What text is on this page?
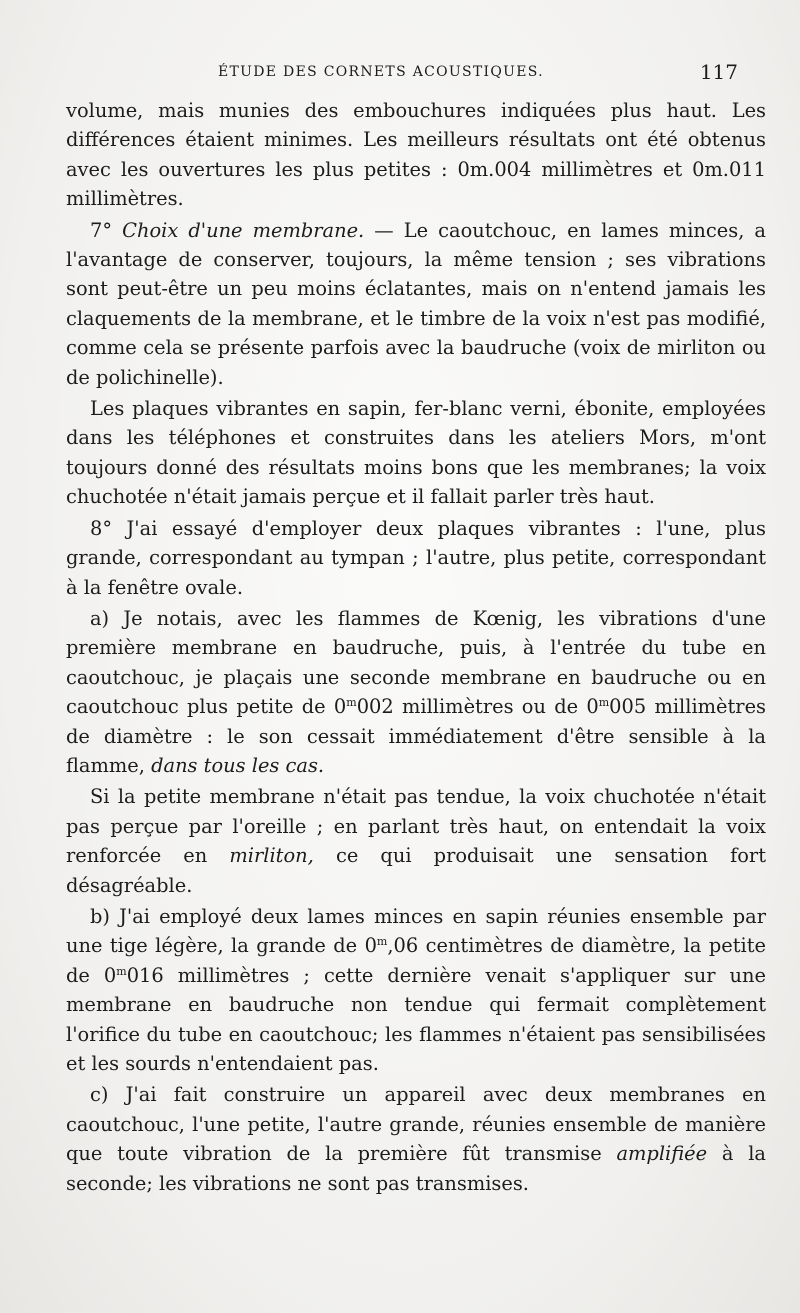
ÉTUDE DES CORNETS ACOUSTIQUES.	117

volume, mais munies des embouchures indiquées plus haut. Les différences étaient minimes. Les meilleurs résultats ont été obtenus avec les ouvertures les plus petites : 0m.004 millimètres et 0m.011 millimètres.

7° Choix d'une membrane. — Le caoutchouc, en lames minces, a l'avantage de conserver, toujours, la même tension ; ses vibrations sont peut-être un peu moins éclatantes, mais on n'entend jamais les claquements de la membrane, et le timbre de la voix n'est pas modifié, comme cela se présente parfois avec la baudruche (voix de mirliton ou de polichinelle).

Les plaques vibrantes en sapin, fer-blanc verni, ébonite, employées dans les téléphones et construites dans les ateliers Mors, m'ont toujours donné des résultats moins bons que les membranes; la voix chuchotée n'était jamais perçue et il fallait parler très haut.

8° J'ai essayé d'employer deux plaques vibrantes : l'une, plus grande, correspondant au tympan ; l'autre, plus petite, correspondant à la fenêtre ovale.

a) Je notais, avec les flammes de Kœnig, les vibrations d'une première membrane en baudruche, puis, à l'entrée du tube en caoutchouc, je plaçais une seconde membrane en baudruche ou en caoutchouc plus petite de 0$^m$002 millimètres ou de 0$^m$005 millimètres de diamètre : le son cessait immédiatement d'être sensible à la flamme, dans tous les cas.

Si la petite membrane n'était pas tendue, la voix chuchotée n'était pas perçue par l'oreille ; en parlant très haut, on entendait la voix renforcée en mirliton, ce qui produisait une sensation fort désagréable.

b) J'ai employé deux lames minces en sapin réunies ensemble par une tige légère, la grande de 0$^m$,06 centimètres de diamètre, la petite de 0$^m$016 millimètres ; cette dernière venait s'appliquer sur une membrane en baudruche non tendue qui fermait complètement l'orifice du tube en caoutchouc; les flammes n'étaient pas sensibilisées et les sourds n'entendaient pas.

c) J'ai fait construire un appareil avec deux membranes en caoutchouc, l'une petite, l'autre grande, réunies ensemble de manière que toute vibration de la première fût transmise amplifiée à la seconde; les vibrations ne sont pas transmises.
